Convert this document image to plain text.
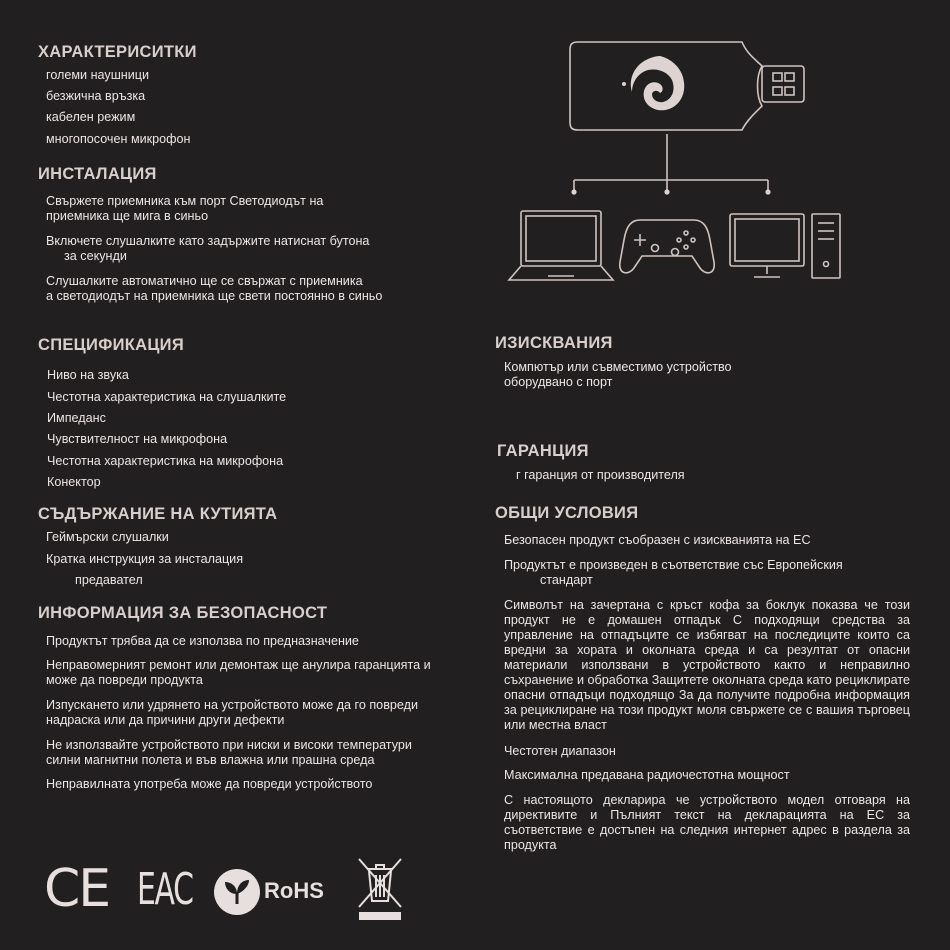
ХАРАКТЕРИСИТКИ
големи наушници
безжична връзка
кабелен режим
многопосочен микрофон
ИНСТАЛАЦИЯ
Свържете приемника към порт Светодиодът на
приемника ще мига в синьо
Включете слушалките като задържите натиснат бутона
за секунди
Слушалките автоматично ще се свържат с приемника
а светодиодът на приемника ще свети постоянно в синьо
СПЕЦИФИКАЦИЯ
Ниво на звука
Честотна характеристика на слушалките
Импеданс
Чувствителност на микрофона
Честотна характеристика на микрофона
Конектор
СЪДЪРЖАНИЕ НА КУТИЯТА
Геймърски слушалки
Кратка инструкция за инсталация
предавател
ИНФОРМАЦИЯ ЗА БЕЗОПАСНОСТ
Продуктът трябва да се използва по предназначение
Неправомерният ремонт или демонтаж ще анулира гаранцията и
може да повреди продукта
Изпускането или удрянето на устройството може да го повреди
надраска или да причини други дефекти
Не използвайте устройството при ниски и високи температури
силни магнитни полета и във влажна или прашна среда
Неправилната употреба може да повреди устройството
ИЗИСКВАНИЯ
Компютър или съвместимо устройство
оборудвано с порт
ГАРАНЦИЯ
г гаранция от производителя
ОБЩИ УСЛОВИЯ
Безопасен продукт съобразен с изискванията на ЕС
Продуктът е произведен в съответствие със Европейския
стандарт
Символът на зачертана с кръст кофа за боклук показва че този продукт не е домашен отпадък С подходящи средства за управление на отпадъците се избягват на последиците които са вредни за хората и околната среда и са резултат от опасни материали използвани в устройството както и неправилно съхранение и обработка Защитете околната среда като рециклирате опасни отпадъци подходящо За да получите подробна информация за рециклиране на този продукт моля свържете се с вашия търговец или местна власт
Честотен диапазон
Максимална предавана радиочестотна мощност
С настоящото декларира че устройството модел отговаря на директивите и Пълният текст на декларацията на ЕС за съответствие е достъпен на следния интернет адрес в раздела за продукта
CE EAC	RoHS
